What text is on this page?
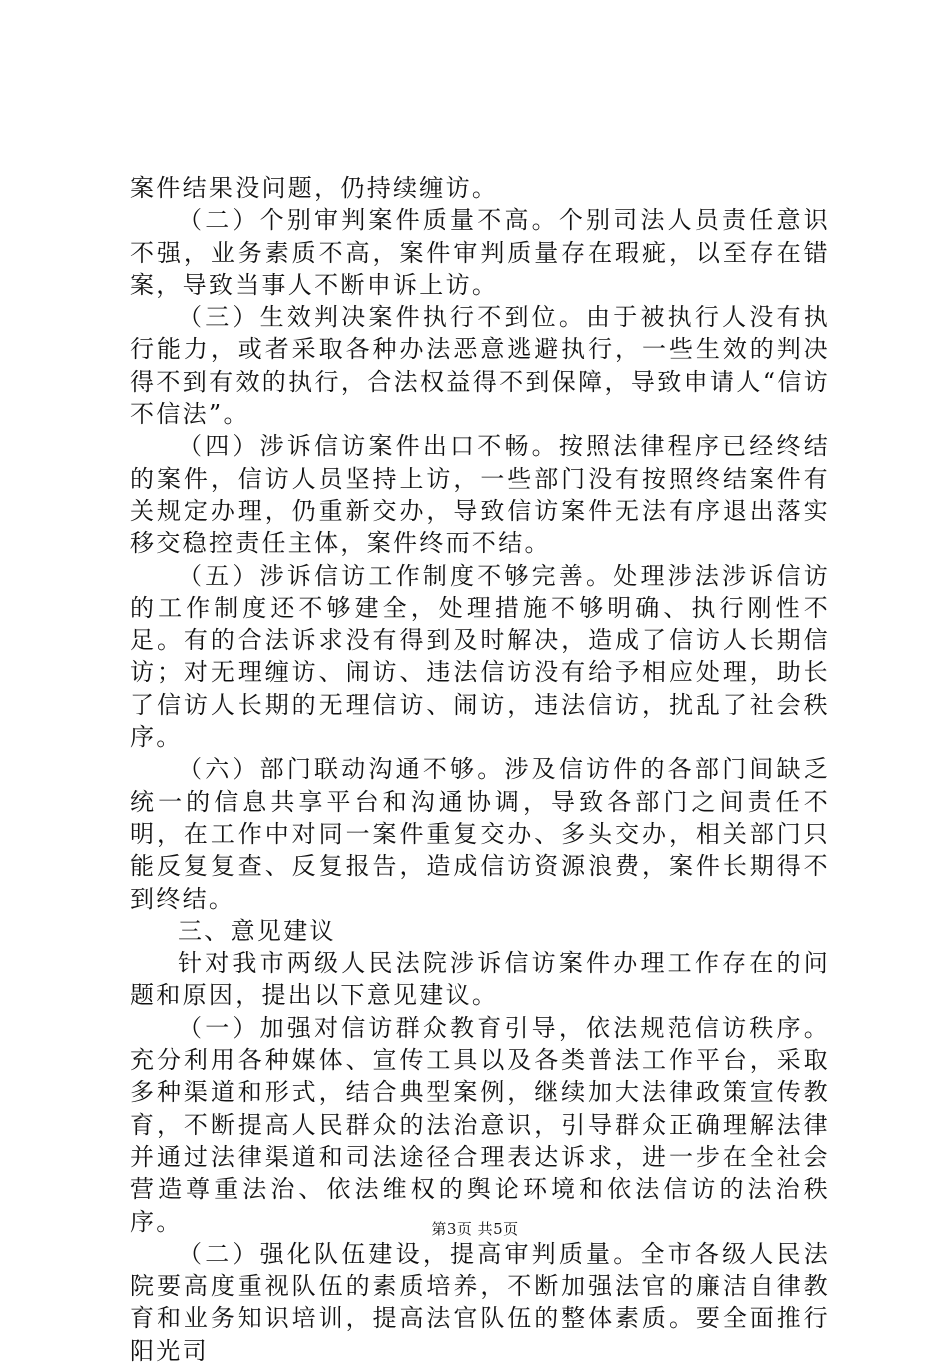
案件结果没问题，仍持续缠访。

（二）个别审判案件质量不高。个别司法人员责任意识不强，业务素质不高，案件审判质量存在瑕疵，以至存在错案，导致当事人不断申诉上访。

（三）生效判决案件执行不到位。由于被执行人没有执行能力，或者采取各种办法恶意逃避执行，一些生效的判决得不到有效的执行，合法权益得不到保障，导致申请人“信访不信法”。

（四）涉诉信访案件出口不畅。按照法律程序已经终结的案件，信访人员坚持上访，一些部门没有按照终结案件有关规定办理，仍重新交办，导致信访案件无法有序退出落实移交稳控责任主体，案件终而不结。

（五）涉诉信访工作制度不够完善。处理涉法涉诉信访的工作制度还不够建全，处理措施不够明确、执行刚性不足。有的合法诉求没有得到及时解决，造成了信访人长期信访；对无理缠访、闹访、违法信访没有给予相应处理，助长了信访人长期的无理信访、闹访，违法信访，扰乱了社会秩序。

（六）部门联动沟通不够。涉及信访件的各部门间缺乏统一的信息共享平台和沟通协调，导致各部门之间责任不明，在工作中对同一案件重复交办、多头交办，相关部门只能反复复查、反复报告，造成信访资源浪费，案件长期得不到终结。

三、意见建议

针对我市两级人民法院涉诉信访案件办理工作存在的问题和原因，提出以下意见建议。

（一）加强对信访群众教育引导，依法规范信访秩序。充分利用各种媒体、宣传工具以及各类普法工作平台，采取多种渠道和形式，结合典型案例，继续加大法律政策宣传教育，不断提高人民群众的法治意识，引导群众正确理解法律并通过法律渠道和司法途径合理表达诉求，进一步在全社会营造尊重法治、依法维权的舆论环境和依法信访的法治秩序。

（二）强化队伍建设，提高审判质量。全市各级人民法院要高度重视队伍的素质培养，不断加强法官的廉洁自律教育和业务知识培训，提高法官队伍的整体素质。要全面推行阳光司

第3页 共5页
